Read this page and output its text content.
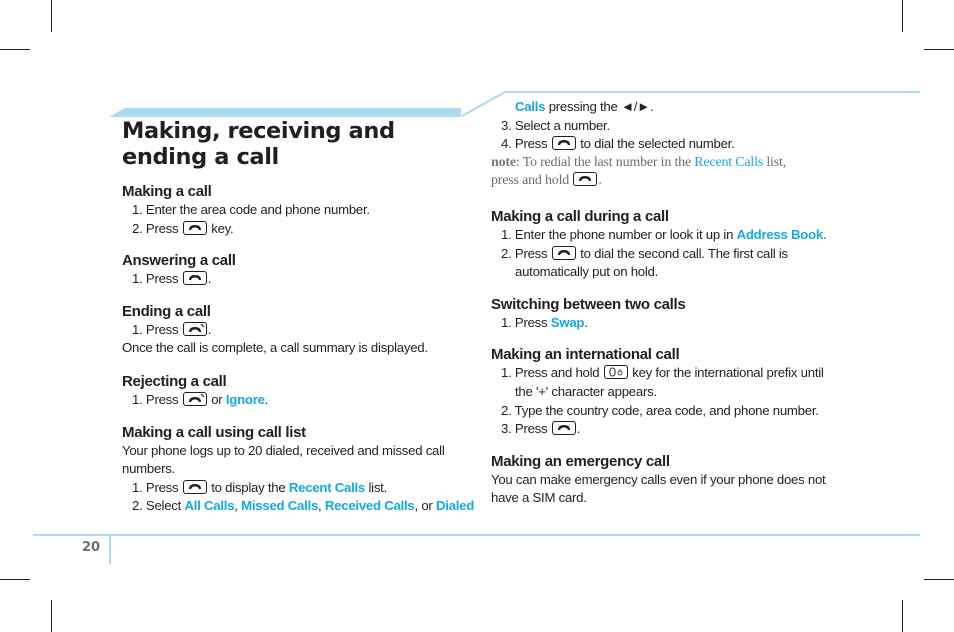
Making, receiving and ending a call
Making a call
1. Enter the area code and phone number.
2. Press key.
Answering a call
1. Press .
Ending a call
1. Press .
Once the call is complete, a call summary is displayed.
Rejecting a call
1. Press or Ignore.
Making a call using call list
Your phone logs up to 20 dialed, received and missed call
numbers.
1. Press to display the Recent Calls list.
2. Select All Calls, Missed Calls, Received Calls, or Dialed
Calls pressing the ◄/►.
3. Select a number.
4. Press to dial the selected number.
note: To redial the last number in the Recent Calls list,
press and hold .
Making a call during a call
1. Enter the phone number or look it up in Address Book.
2. Press to dial the second call. The first call is
automatically put on hold.
Switching between two calls
1. Press Swap.
Making an international call
1. Press and hold key for the international prefix until
the '+' character appears.
2. Type the country code, area code, and phone number.
3. Press .
Making an emergency call
You can make emergency calls even if your phone does not
have a SIM card.
20
